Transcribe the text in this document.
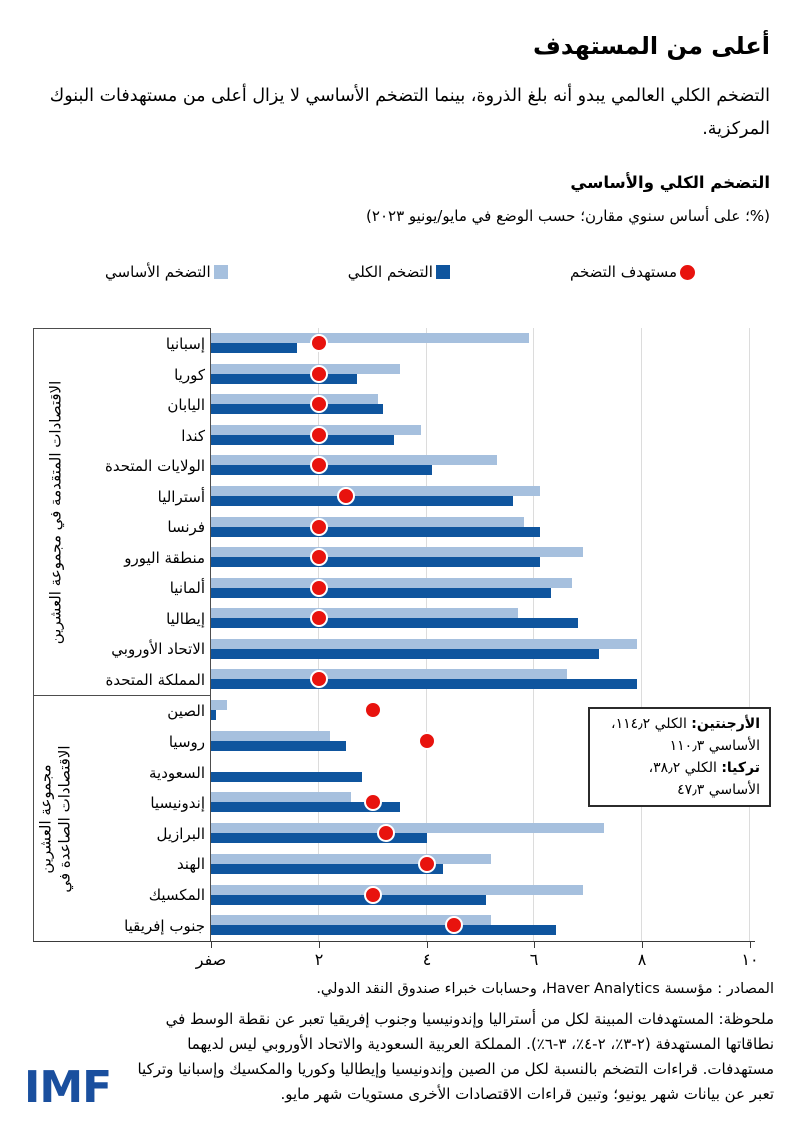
أعلى من المستهدف

التضخم الكلي العالمي يبدو أنه بلغ الذروة، بينما التضخم الأساسي لا يزال أعلى من مستهدفات البنوك المركزية.

التضخم الكلي والأساسي
(%؛ على أساس سنوي مقارن؛ حسب الوضع في مايو/يونيو ٢٠٢٣)
مستهدف التضخم
التضخم الكلي
التضخم الأساسي
الاقتصادات المتقدمة في مجموعة العشرين
إسبانيا
كوريا
اليابان
كندا
الولايات المتحدة
أستراليا
فرنسا
منطقة اليورو
ألمانيا
إيطاليا
الاتحاد الأوروبي
المملكة المتحدة
الاقتصادات الصاعدة في
مجموعة العشرين
الصين
روسيا
السعودية
إندونيسيا
البرازيل
الهند
المكسيك
جنوب إفريقيا
صفر	٢	٤	٦	٨	١٠
الأرجنتين: الكلي ١١٤٫٢،
الأساسي ١١٠٫٣
تركيا: الكلي ٣٨٫٢،
الأساسي ٤٧٫٣
المصادر : مؤسسة Haver Analytics، وحسابات خبراء صندوق النقد الدولي.
ملحوظة: المستهدفات المبينة لكل من أستراليا وإندونيسيا وجنوب إفريقيا تعبر عن نقطة الوسط في نطاقاتها المستهدفة (٢-٣٪، ٢-٤٪، ٣-٦٪). المملكة العربية السعودية والاتحاد الأوروبي ليس لديهما مستهدفات. قراءات التضخم بالنسبة لكل من الصين وإندونيسيا وإيطاليا وكوريا والمكسيك وإسبانيا وتركيا تعبر عن بيانات شهر يونيو؛ وتبين قراءات الاقتصادات الأخرى مستويات شهر مايو.
IMF
